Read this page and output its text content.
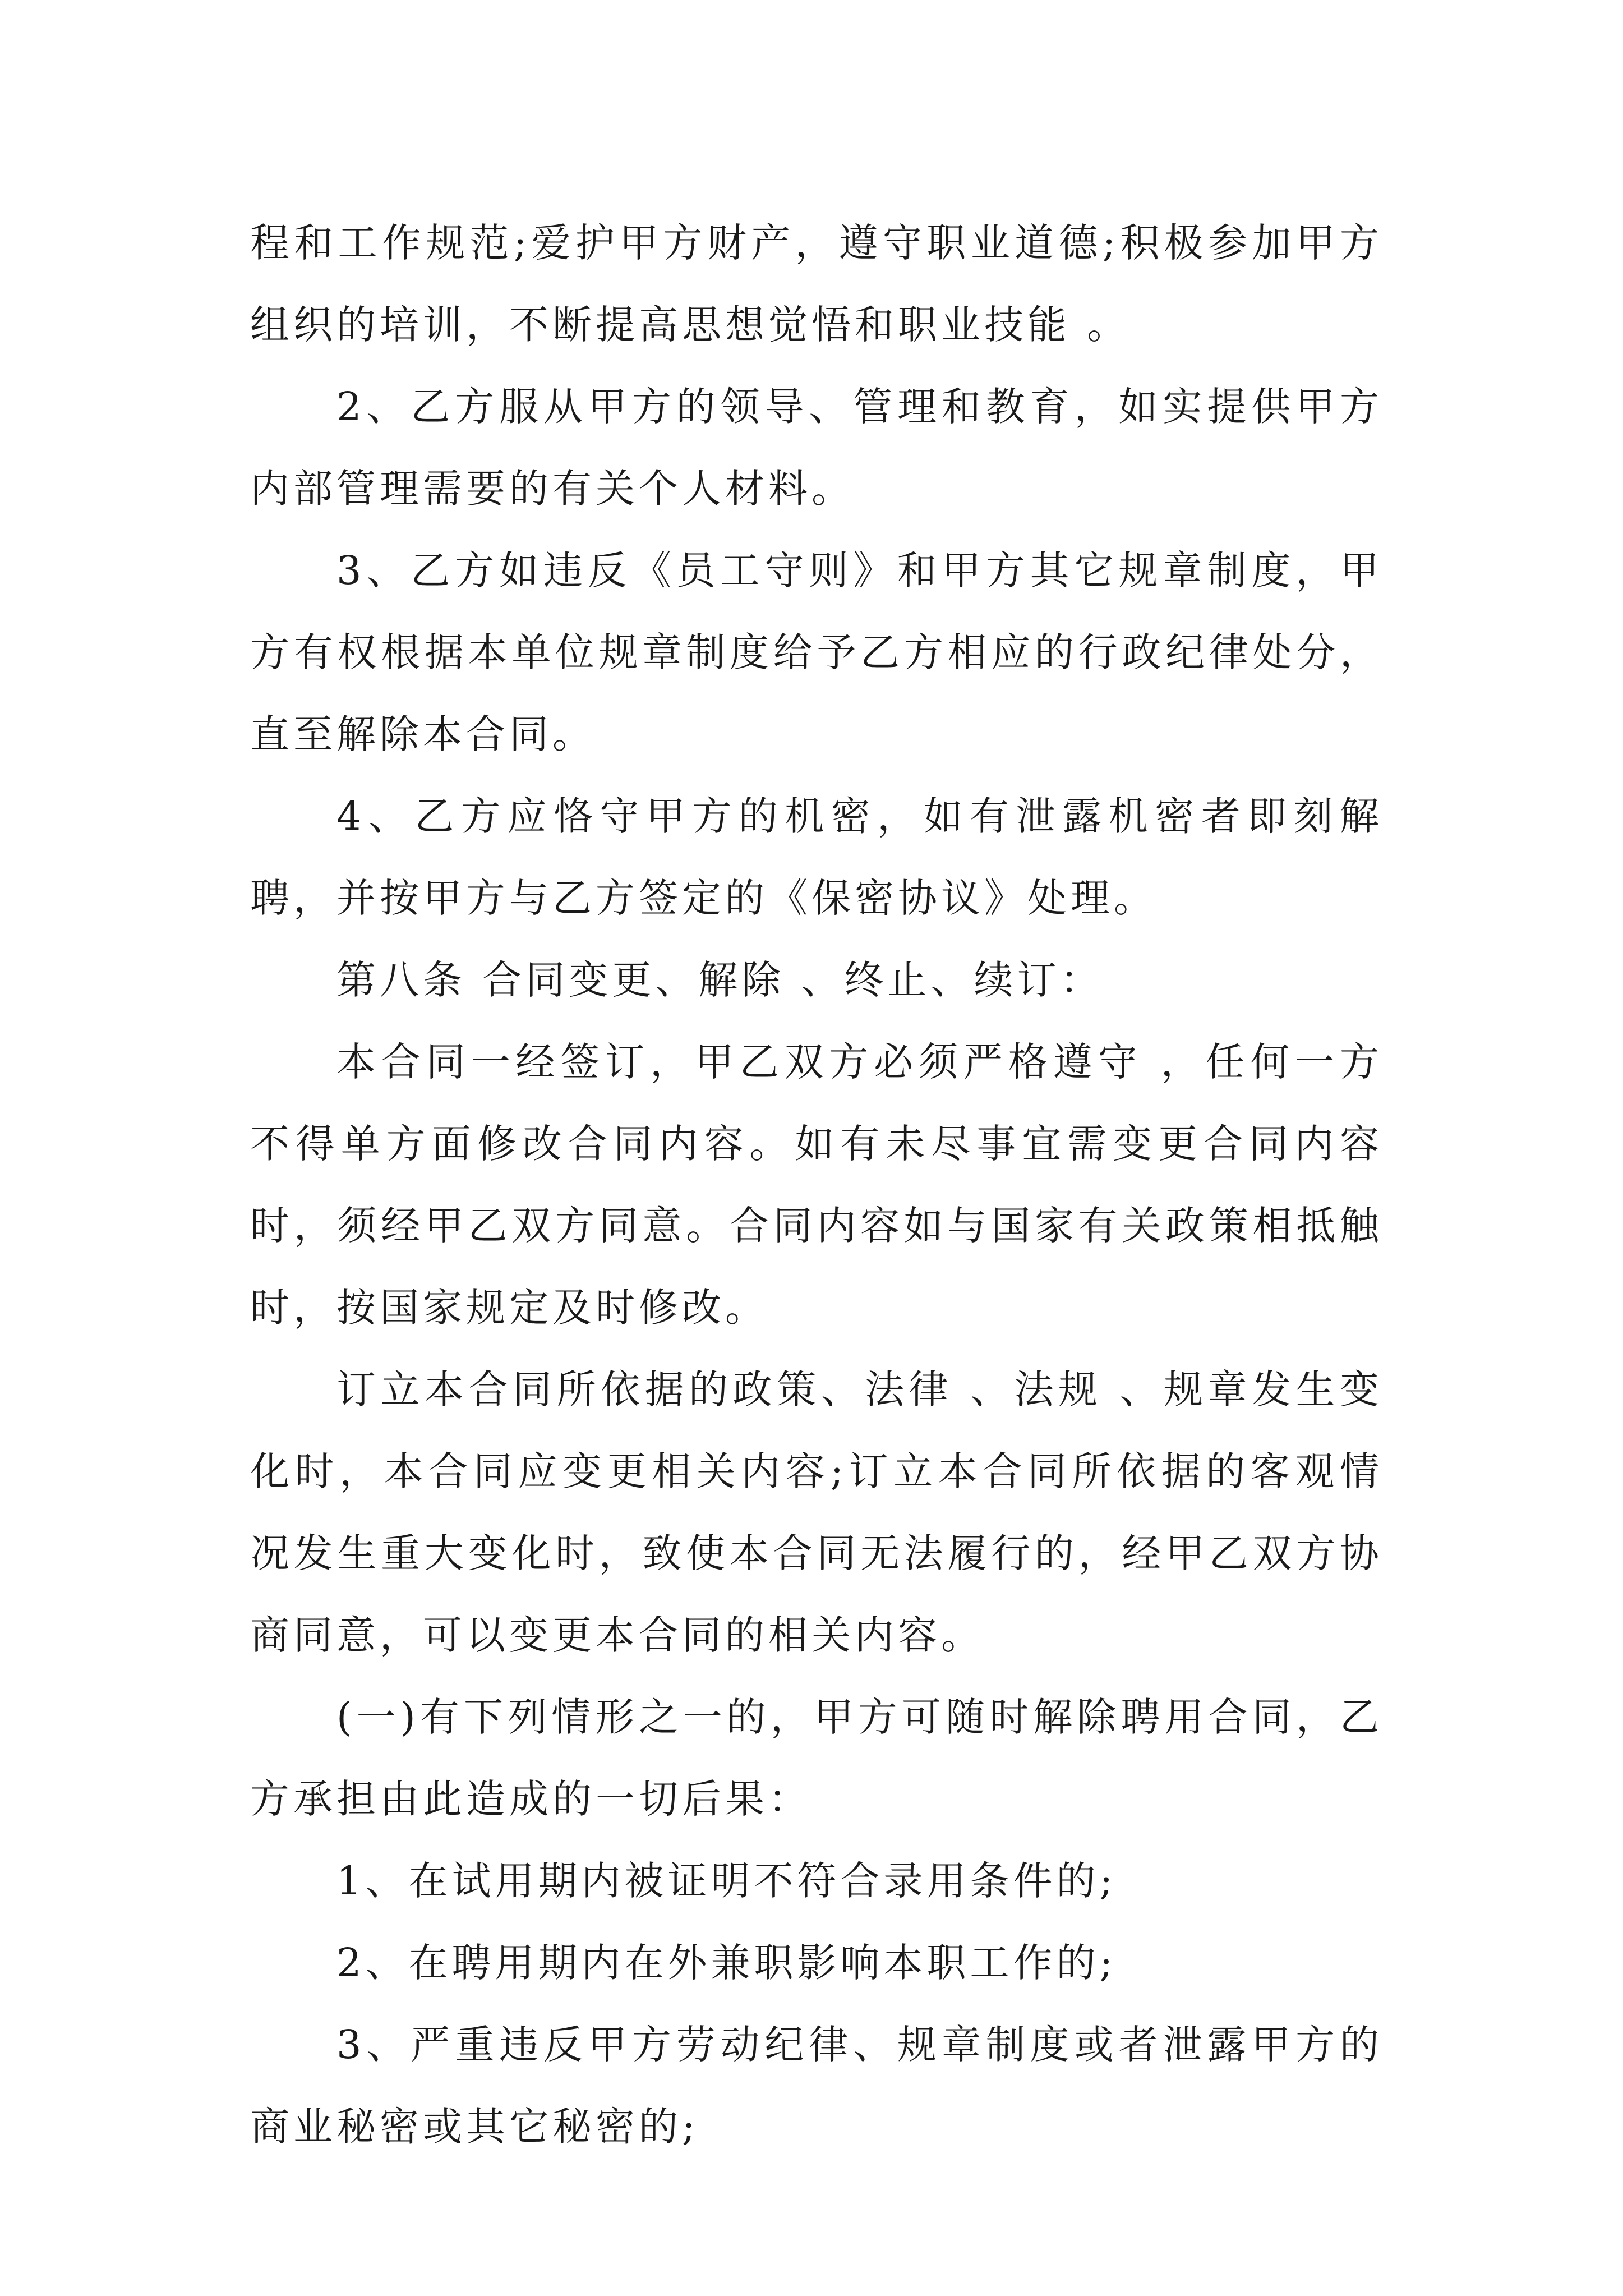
程和工作规范;爱护甲方财产，遵守职业道德;积极参加甲方组织的培训，不断提高思想觉悟和职业技能 。

2、乙方服从甲方的领导、管理和教育，如实提供甲方内部管理需要的有关个人材料。

3、乙方如违反《员工守则》和甲方其它规章制度，甲方有权根据本单位规章制度给予乙方相应的行政纪律处分，直至解除本合同。

4、乙方应恪守甲方的机密，如有泄露机密者即刻解聘，并按甲方与乙方签定的《保密协议》处理。

第八条 合同变更、解除 、终止、续订：

本合同一经签订，甲乙双方必须严格遵守 ，任何一方不得单方面修改合同内容。如有未尽事宜需变更合同内容时，须经甲乙双方同意。合同内容如与国家有关政策相抵触时，按国家规定及时修改。

订立本合同所依据的政策、法律 、法规 、规章发生变化时，本合同应变更相关内容;订立本合同所依据的客观情况发生重大变化时，致使本合同无法履行的，经甲乙双方协商同意，可以变更本合同的相关内容。

(一)有下列情形之一的，甲方可随时解除聘用合同，乙方承担由此造成的一切后果：

1、在试用期内被证明不符合录用条件的;

2、在聘用期内在外兼职影响本职工作的;

3、严重违反甲方劳动纪律、规章制度或者泄露甲方的商业秘密或其它秘密的;
